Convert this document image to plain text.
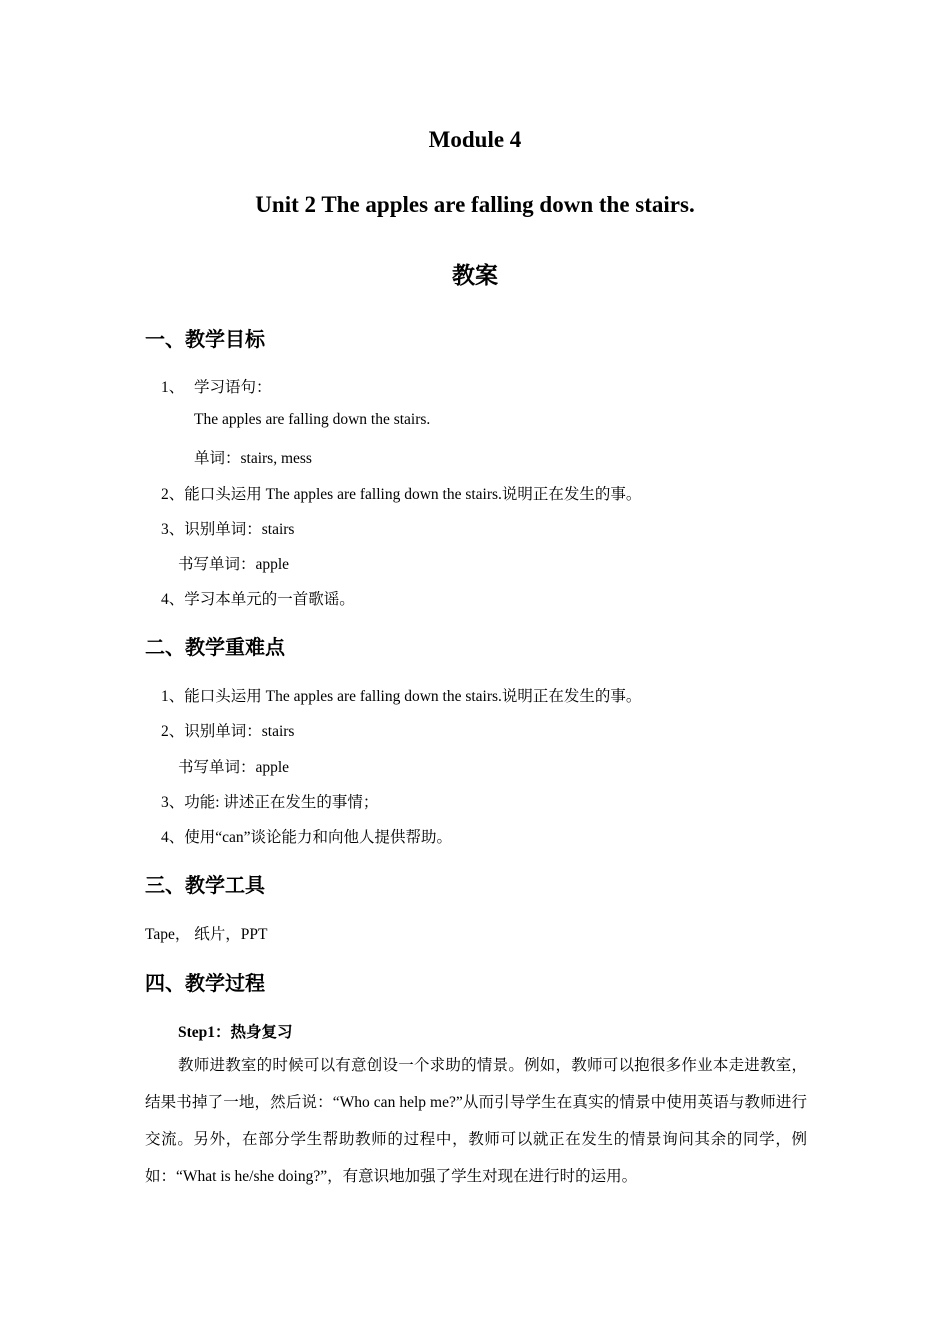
Module 4
Unit 2 The apples are falling down the stairs.
教案
一、教学目标
1、 学习语句：
The apples are falling down the stairs.
单词：stairs, mess
2、能口头运用 The apples are falling down the stairs.说明正在发生的事。
3、识别单词：stairs
书写单词：apple
4、学习本单元的一首歌谣。
二、教学重难点
1、能口头运用 The apples are falling down the stairs.说明正在发生的事。
2、识别单词：stairs
书写单词：apple
3、功能: 讲述正在发生的事情；
4、使用“can”谈论能力和向他人提供帮助。
三、教学工具
Tape， 纸片，PPT
四、教学过程
Step1：热身复习
教师进教室的时候可以有意创设一个求助的情景。例如，教师可以抱很多作业本走进教室，结果书掉了一地，然后说：“Who can help me?”从而引导学生在真实的情景中使用英语与教师进行交流。另外，在部分学生帮助教师的过程中，教师可以就正在发生的情景询问其余的同学，例如：“What is he/she doing?”，有意识地加强了学生对现在进行时的运用。
